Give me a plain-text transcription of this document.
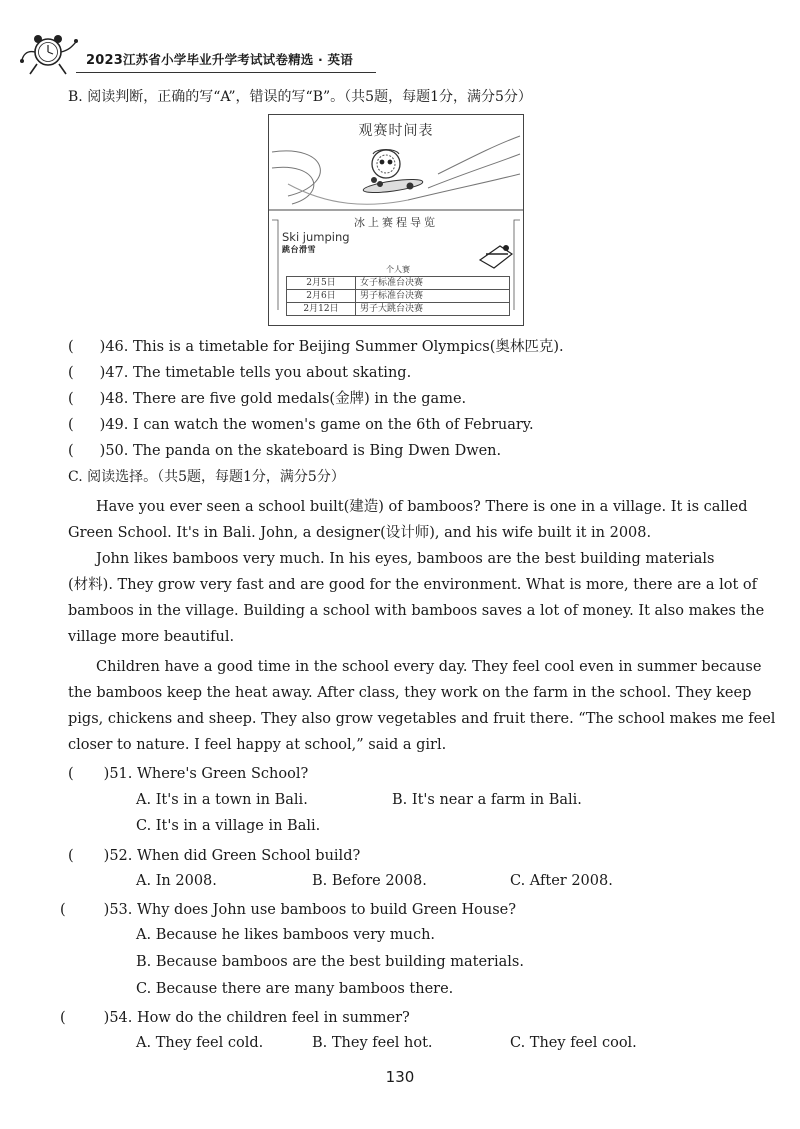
2023江苏省小学毕业升学考试试卷精选 · 英语
B. 阅读判断，正确的写“A”，错误的写“B”。（共5题，每题1分，满分5分）
观赛时间表
冰上赛程导览
Ski jumping
跳台滑雪
个人赛
2月5日	女子标准台决赛
2月6日	男子标准台决赛
2月12日	男子大跳台决赛
( )46. This is a timetable for Beijing Summer Olympics(奥林匹克).
( )47. The timetable tells you about skating.
( )48. There are five gold medals(金牌) in the game.
( )49. I can watch the women's game on the 6th of February.
( )50. The panda on the skateboard is Bing Dwen Dwen.
C. 阅读选择。（共5题，每题1分，满分5分）
Have you ever seen a school built(建造) of bamboos? There is one in a village. It is called
Green School. It's in Bali. John, a designer(设计师), and his wife built it in 2008.
John likes bamboos very much. In his eyes, bamboos are the best building materials
(材料). They grow very fast and are good for the environment. What is more, there are a lot of
bamboos in the village. Building a school with bamboos saves a lot of money. It also makes the
village more beautiful.
Children have a good time in the school every day. They feel cool even in summer because
the bamboos keep the heat away. After class, they work on the farm in the school. They keep
pigs, chickens and sheep. They also grow vegetables and fruit there. “The school makes me feel
closer to nature. I feel happy at school,” said a girl.
( )51. Where's Green School?
A. It's in a town in Bali.	B. It's near a farm in Bali.
C. It's in a village in Bali.
( )52. When did Green School build?
A. In 2008.	B. Before 2008.	C. After 2008.
(	)53. Why does John use bamboos to build Green House?
A. Because he likes bamboos very much.
B. Because bamboos are the best building materials.
C. Because there are many bamboos there.
(	)54. How do the children feel in summer?
A. They feel cold.	B. They feel hot.	C. They feel cool.
130
